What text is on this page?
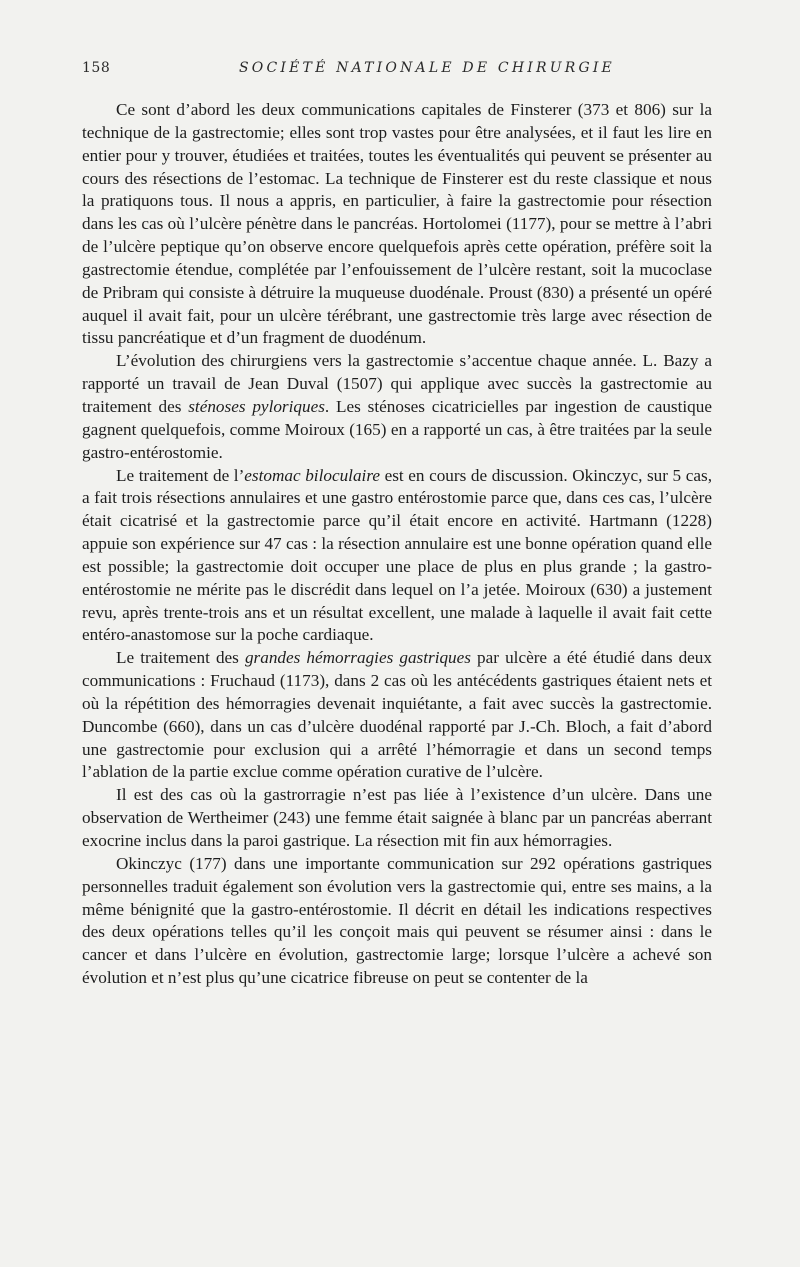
158	SOCIÉTÉ NATIONALE DE CHIRURGIE

Ce sont d’abord les deux communications capitales de Finsterer (373 et 806) sur la technique de la gastrectomie; elles sont trop vastes pour être analysées, et il faut les lire en entier pour y trouver, étudiées et traitées, toutes les éventualités qui peuvent se présenter au cours des résections de l’estomac. La technique de Finsterer est du reste classique et nous la pratiquons tous. Il nous a appris, en particulier, à faire la gastrectomie pour résection dans les cas où l’ulcère pénètre dans le pancréas. Hortolomei (1177), pour se mettre à l’abri de l’ulcère peptique qu’on observe encore quelquefois après cette opération, préfère soit la gastrectomie étendue, complétée par l’enfouissement de l’ulcère restant, soit la mucoclase de Pribram qui consiste à détruire la muqueuse duodénale. Proust (830) a présenté un opéré auquel il avait fait, pour un ulcère térébrant, une gastrectomie très large avec résection de tissu pancréatique et d’un fragment de duodénum.

L’évolution des chirurgiens vers la gastrectomie s’accentue chaque année. L. Bazy a rapporté un travail de Jean Duval (1507) qui applique avec succès la gastrectomie au traitement des sténoses pyloriques. Les sténoses cicatricielles par ingestion de caustique gagnent quelquefois, comme Moiroux (165) en a rapporté un cas, à être traitées par la seule gastro-entérostomie.

Le traitement de l’estomac biloculaire est en cours de discussion. Okinczyc, sur 5 cas, a fait trois résections annulaires et une gastro entérostomie parce que, dans ces cas, l’ulcère était cicatrisé et la gastrectomie parce qu’il était encore en activité. Hartmann (1228) appuie son expérience sur 47 cas : la résection annulaire est une bonne opération quand elle est possible; la gastrectomie doit occuper une place de plus en plus grande ; la gastro-entérostomie ne mérite pas le discrédit dans lequel on l’a jetée. Moiroux (630) a justement revu, après trente-trois ans et un résultat excellent, une malade à laquelle il avait fait cette entéro-anastomose sur la poche cardiaque.

Le traitement des grandes hémorragies gastriques par ulcère a été étudié dans deux communications : Fruchaud (1173), dans 2 cas où les antécédents gastriques étaient nets et où la répétition des hémorragies devenait inquiétante, a fait avec succès la gastrectomie. Duncombe (660), dans un cas d’ulcère duodénal rapporté par J.-Ch. Bloch, a fait d’abord une gastrectomie pour exclusion qui a arrêté l’hémorragie et dans un second temps l’ablation de la partie exclue comme opération curative de l’ulcère.

Il est des cas où la gastrorragie n’est pas liée à l’existence d’un ulcère. Dans une observation de Wertheimer (243) une femme était saignée à blanc par un pancréas aberrant exocrine inclus dans la paroi gastrique. La résection mit fin aux hémorragies.

Okinczyc (177) dans une importante communication sur 292 opérations gastriques personnelles traduit également son évolution vers la gastrectomie qui, entre ses mains, a la même bénignité que la gastro-entérostomie. Il décrit en détail les indications respectives des deux opérations telles qu’il les conçoit mais qui peuvent se résumer ainsi : dans le cancer et dans l’ulcère en évolution, gastrectomie large; lorsque l’ulcère a achevé son évolution et n’est plus qu’une cicatrice fibreuse on peut se contenter de la
